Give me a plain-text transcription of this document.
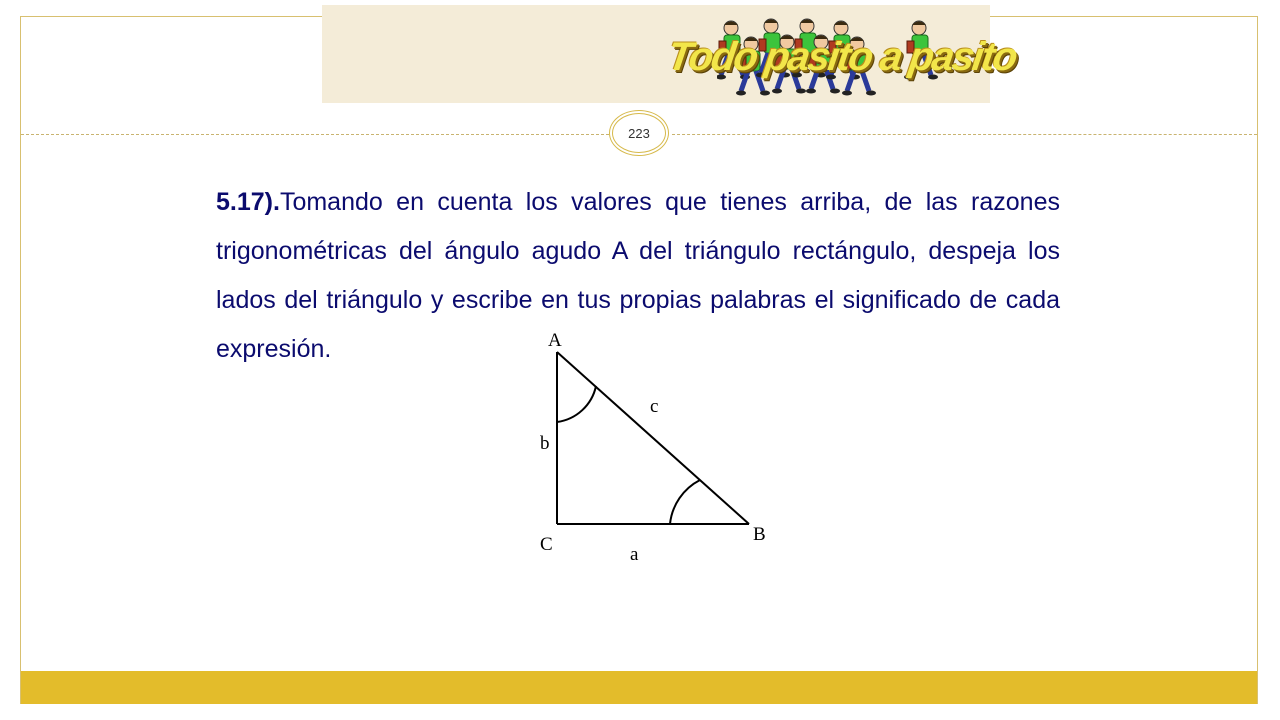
Todo pasito a pasito
223

5.17).Tomando en cuenta los valores que tienes arriba, de las razones trigonométricas del ángulo agudo A del triángulo rectángulo, despeja los lados del triángulo y escribe en tus propias palabras el significado de cada expresión.	A
B
C	a
b
c
